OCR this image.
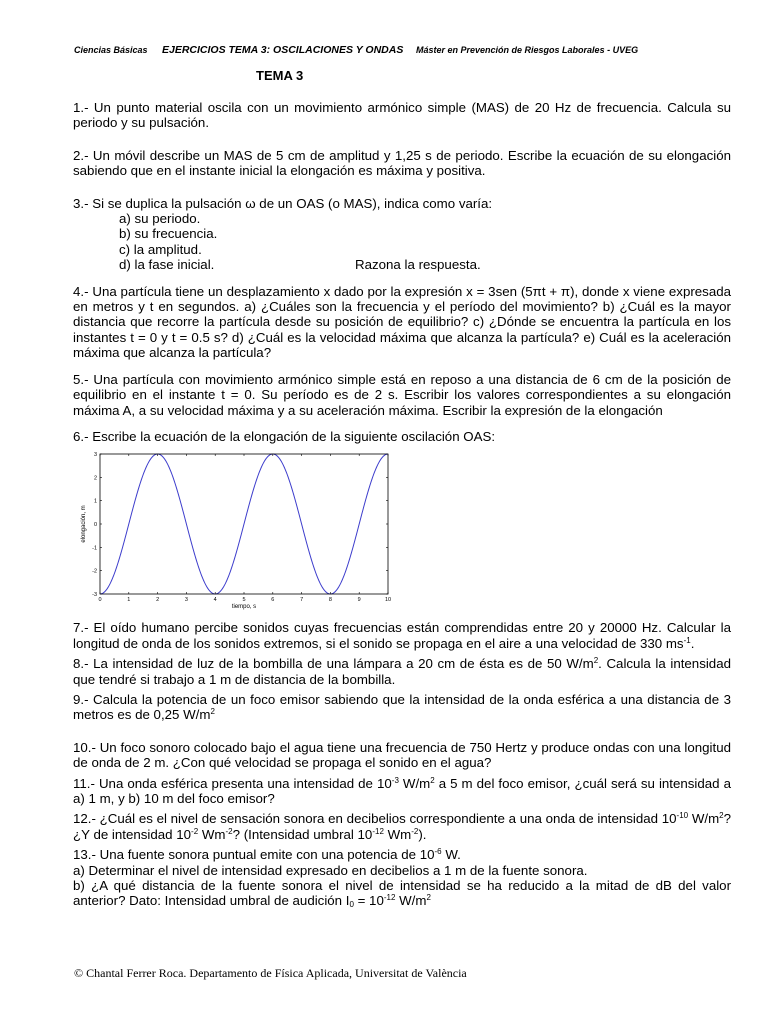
Ciencias Básicas EJERCICIOS TEMA 3: OSCILACIONES Y ONDAS Máster en Prevención de Riesgos Laborales - UVEG
TEMA 3

1.- Un punto material oscila con un movimiento armónico simple (MAS) de 20 Hz de frecuencia. Calcula su periodo y su pulsación.

2.- Un móvil describe un MAS de 5 cm de amplitud y 1,25 s de periodo. Escribe la ecuación de su elongación sabiendo que en el instante inicial la elongación es máxima y positiva.

3.- Si se duplica la pulsación ω de un OAS (o MAS), indica como varía:

a) su periodo.

b) su frecuencia.

c) la amplitud.

d) la fase inicial.	Razona la respuesta.

4.- Una partícula tiene un desplazamiento x dado por la expresión x = 3sen (5πt + π), donde x viene expresada en metros y t en segundos. a) ¿Cuáles son la frecuencia y el período del movimiento? b) ¿Cuál es la mayor distancia que recorre la partícula desde su posición de equilibrio? c) ¿Dónde se encuentra la partícula en los instantes t = 0 y t = 0.5 s? d) ¿Cuál es la velocidad máxima que alcanza la partícula? e) Cuál es la aceleración máxima que alcanza la partícula?

5.- Una partícula con movimiento armónico simple está en reposo a una distancia de 6 cm de la posición de equilibrio en el instante t = 0. Su período es de 2 s. Escribir los valores correspondientes a su elongación máxima A, a su velocidad máxima y a su aceleración máxima. Escribir la expresión de la elongación

6.- Escribe la ecuación de la elongación de la siguiente oscilación OAS:

0	1	2	3	4	5	6	7	8	9	10
3
2
1
0
-1
-2
-3
tiempo, s
elongación, m

7.- El oído humano percibe sonidos cuyas frecuencias están comprendidas entre 20 y 20000 Hz. Calcular la longitud de onda de los sonidos extremos, si el sonido se propaga en el aire a una velocidad de 330 $ms^{-1}$.

8.- La intensidad de luz de la bombilla de una lámpara a 20 cm de ésta es de 50 $W/m^2$. Calcula la intensidad que tendré si trabajo a 1 m de distancia de la bombilla.

9.- Calcula la potencia de un foco emisor sabiendo que la intensidad de la onda esférica a una distancia de 3 metros es de 0,25 $W/m^2$

10.- Un foco sonoro colocado bajo el agua tiene una frecuencia de 750 Hertz y produce ondas con una longitud de onda de 2 m. ¿Con qué velocidad se propaga el sonido en el agua?

11.- Una onda esférica presenta una intensidad de $10^{-3}$ $W/m^2$ a 5 m del foco emisor, ¿cuál será su intensidad a a) 1 m, y b) 10 m del foco emisor?

12.- ¿Cuál es el nivel de sensación sonora en decibelios correspondiente a una onda de intensidad $10^{-10}$ $W/m^2$? ¿Y de intensidad $10^{-2}$ $Wm^{-2}$? (Intensidad umbral $10^{-12}$ $Wm^{-2}$).

13.- Una fuente sonora puntual emite con una potencia de $10^{-6}$ W.

a) Determinar el nivel de intensidad expresado en decibelios a 1 m de la fuente sonora.

b) ¿A qué distancia de la fuente sonora el nivel de intensidad se ha reducido a la mitad de dB del valor anterior? Dato: Intensidad umbral de audición $I_0 = 10^{-12}$ $W/m^2$

© Chantal Ferrer Roca. Departamento de Física Aplicada, Universitat de València
